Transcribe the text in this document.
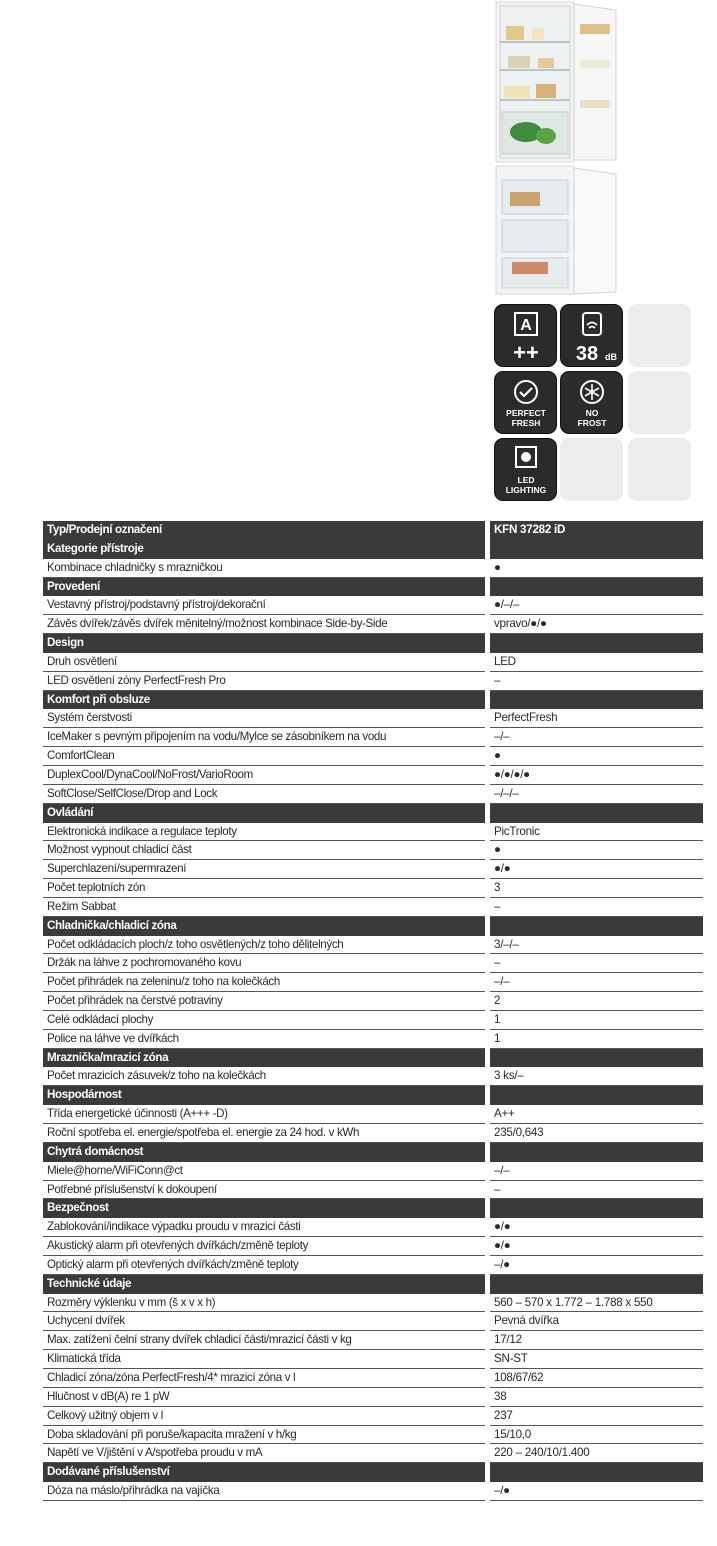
A
++ 38 dB
PERFECT
FRESH
NO
FROST
LED
LIGHTING
Typ/Prodejní označení	KFN 37282 iD
Kategorie přístroje
Kombinace chladničky s mrazničkou	●
Provedení
Vestavný přístroj/podstavný přístroj/dekorační	●/–/–
Závěs dvířek/závěs dvířek měnitelný/možnost kombinace Side-by-Side	vpravo/●/●
Design
Druh osvětlení	LED
LED osvětlení zóny PerfectFresh Pro	–
Komfort při obsluze
Systém čerstvosti	PerfectFresh
IceMaker s pevným připojením na vodu/Mylce se zásobníkem na vodu	–/–
ComfortClean	●
DuplexCool/DynaCool/NoFrost/VarioRoom	●/●/●/●
SoftClose/SelfClose/Drop and Lock	–/–/–
Ovládání
Elektronická indikace a regulace teploty	PicTronic
Možnost vypnout chladicí část	●
Superchlazení/supermrazení	●/●
Počet teplotních zón	3
Režim Sabbat	–
Chladnička/chladicí zóna
Počet odkládacích ploch/z toho osvětlených/z toho dělitelných	3/–/–
Držák na láhve z pochromovaného kovu	–
Počet přihrádek na zeleninu/z toho na kolečkách	–/–
Počet přihrádek na čerstvé potraviny	2
Celé odkládací plochy	1
Police na láhve ve dvířkách	1
Mraznička/mrazicí zóna
Počet mrazicích zásuvek/z toho na kolečkách	3 ks/–
Hospodárnost
Třída energetické účinnosti (A+++ -D)	A++
Roční spotřeba el. energie/spotřeba el. energie za 24 hod. v kWh	235/0,643
Chytrá domácnost
Miele@home/WiFiConn@ct	–/–
Potřebné příslušenství k dokoupení	–
Bezpečnost
Zablokování/indikace výpadku proudu v mrazicí části	●/●
Akustický alarm při otevřených dvířkách/změně teploty	●/●
Optický alarm při otevřených dvířkách/změně teploty	–/●
Technické údaje
Rozměry výklenku v mm (š x v x h)	560 – 570 x 1.772 – 1.788 x 550
Uchycení dvířek	Pevná dvířka
Max. zatížení čelní strany dvířek chladicí části/mrazicí části v kg	17/12
Klimatická třída	SN-ST
Chladicí zóna/zóna PerfectFresh/4* mrazicí zóna v l	108/67/62
Hlučnost v dB(A) re 1 pW	38
Celkový užitný objem v l	237
Doba skladování při poruše/kapacita mražení v h/kg	15/10,0
Napětí ve V/jištění v A/spotřeba proudu v mA	220 – 240/10/1.400
Dodávané příslušenství
Dóza na máslo/přihrádka na vajíčka	–/●
